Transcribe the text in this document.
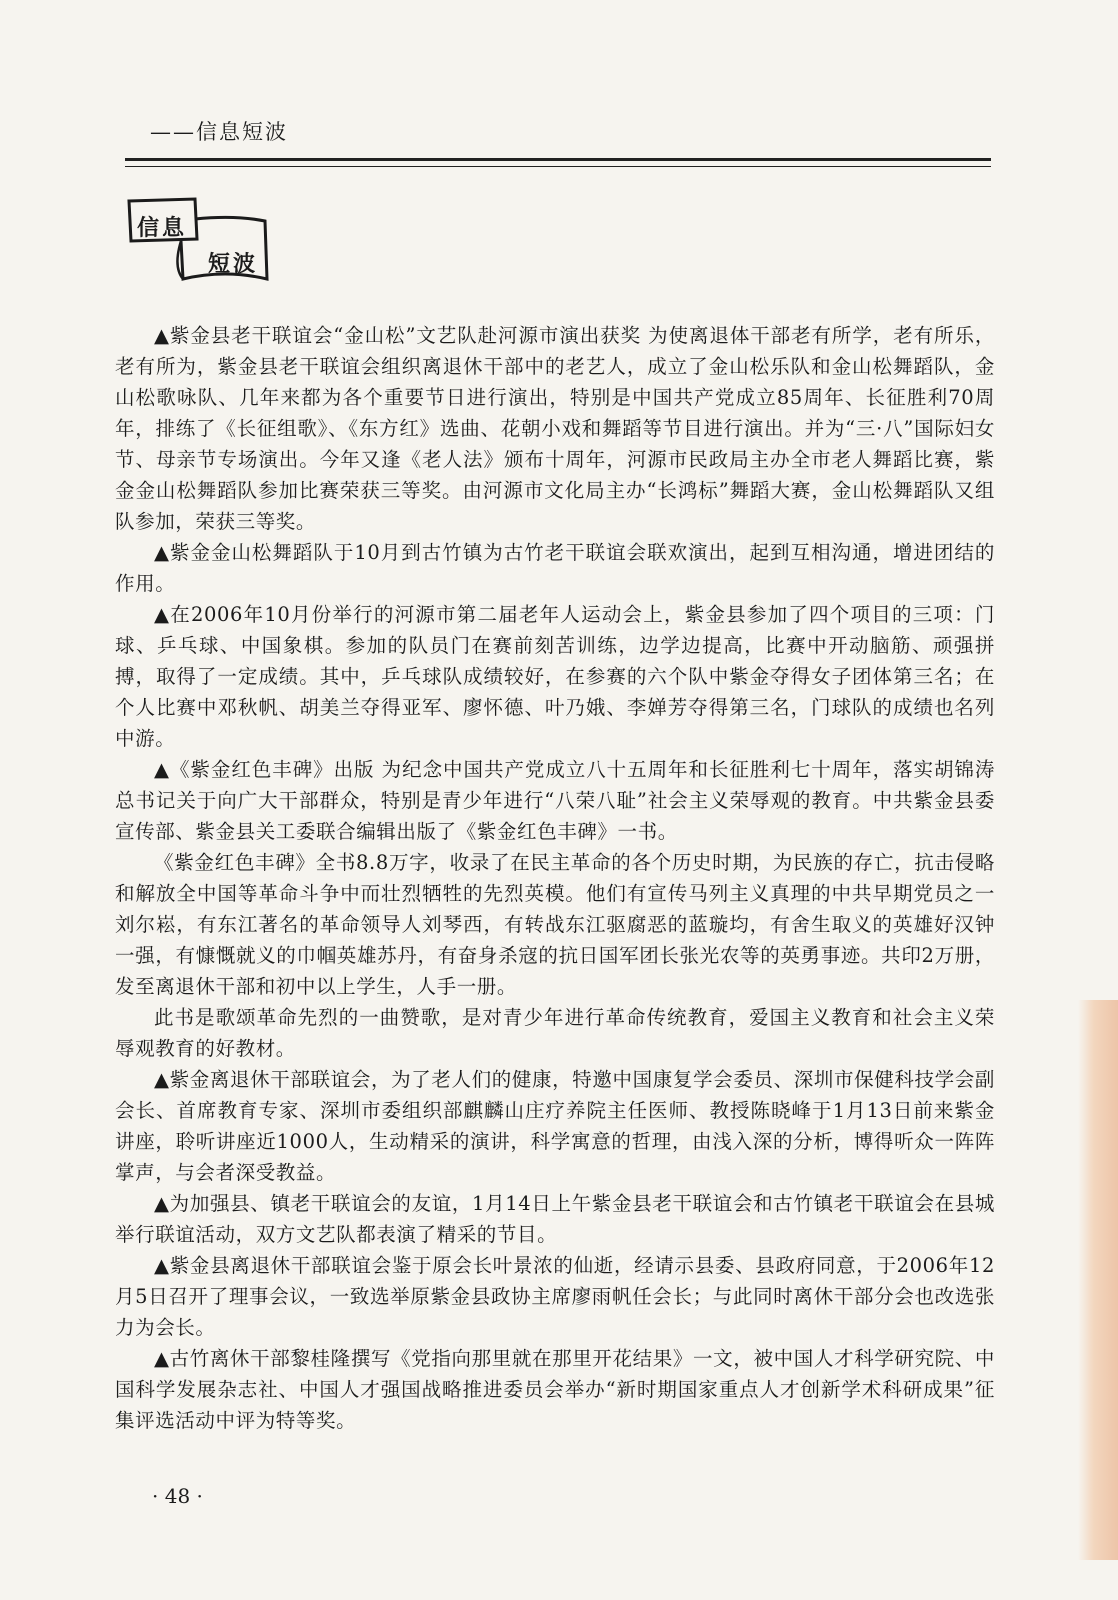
——信息短波
信息
短波

▲紫金县老干联谊会“金山松”文艺队赴河源市演出获奖 为使离退体干部老有所学，老有所乐，老有所为，紫金县老干联谊会组织离退休干部中的老艺人，成立了金山松乐队和金山松舞蹈队，金山松歌咏队、几年来都为各个重要节日进行演出，特别是中国共产党成立85周年、长征胜利70周年，排练了《长征组歌》、《东方红》选曲、花朝小戏和舞蹈等节目进行演出。并为“三·八”国际妇女节、母亲节专场演出。今年又逢《老人法》颁布十周年，河源市民政局主办全市老人舞蹈比赛，紫金金山松舞蹈队参加比赛荣获三等奖。由河源市文化局主办“长鸿标”舞蹈大赛，金山松舞蹈队又组队参加，荣获三等奖。

▲紫金金山松舞蹈队于10月到古竹镇为古竹老干联谊会联欢演出，起到互相沟通，增进团结的作用。

▲在2006年10月份举行的河源市第二届老年人运动会上，紫金县参加了四个项目的三项：门球、乒乓球、中国象棋。参加的队员门在赛前刻苦训练，边学边提高，比赛中开动脑筋、顽强拼搏，取得了一定成绩。其中，乒乓球队成绩较好，在参赛的六个队中紫金夺得女子团体第三名；在个人比赛中邓秋帆、胡美兰夺得亚军、廖怀德、叶乃娥、李婵芳夺得第三名，门球队的成绩也名列中游。

▲《紫金红色丰碑》出版 为纪念中国共产党成立八十五周年和长征胜利七十周年，落实胡锦涛总书记关于向广大干部群众，特别是青少年进行“八荣八耻”社会主义荣辱观的教育。中共紫金县委宣传部、紫金县关工委联合编辑出版了《紫金红色丰碑》一书。

《紫金红色丰碑》全书8.8万字，收录了在民主革命的各个历史时期，为民族的存亡，抗击侵略和解放全中国等革命斗争中而壮烈牺牲的先烈英模。他们有宣传马列主义真理的中共早期党员之一刘尔崧，有东江著名的革命领导人刘琴西，有转战东江驱腐恶的蓝璇均，有舍生取义的英雄好汉钟一强，有慷慨就义的巾帼英雄苏丹，有奋身杀寇的抗日国军团长张光农等的英勇事迹。共印2万册，发至离退休干部和初中以上学生，人手一册。

此书是歌颂革命先烈的一曲赞歌，是对青少年进行革命传统教育，爱国主义教育和社会主义荣辱观教育的好教材。

▲紫金离退休干部联谊会，为了老人们的健康，特邀中国康复学会委员、深圳市保健科技学会副会长、首席教育专家、深圳市委组织部麒麟山庄疗养院主任医师、教授陈晓峰于1月13日前来紫金讲座，聆听讲座近1000人，生动精采的演讲，科学寓意的哲理，由浅入深的分析，博得听众一阵阵掌声，与会者深受教益。

▲为加强县、镇老干联谊会的友谊，1月14日上午紫金县老干联谊会和古竹镇老干联谊会在县城举行联谊活动，双方文艺队都表演了精采的节目。

▲紫金县离退休干部联谊会鉴于原会长叶景浓的仙逝，经请示县委、县政府同意，于2006年12月5日召开了理事会议，一致选举原紫金县政协主席廖雨帆任会长；与此同时离休干部分会也改选张力为会长。

▲古竹离休干部黎桂隆撰写《党指向那里就在那里开花结果》一文，被中国人才科学研究院、中国科学发展杂志社、中国人才强国战略推进委员会举办“新时期国家重点人才创新学术科研成果”征集评选活动中评为特等奖。

· 48 ·
